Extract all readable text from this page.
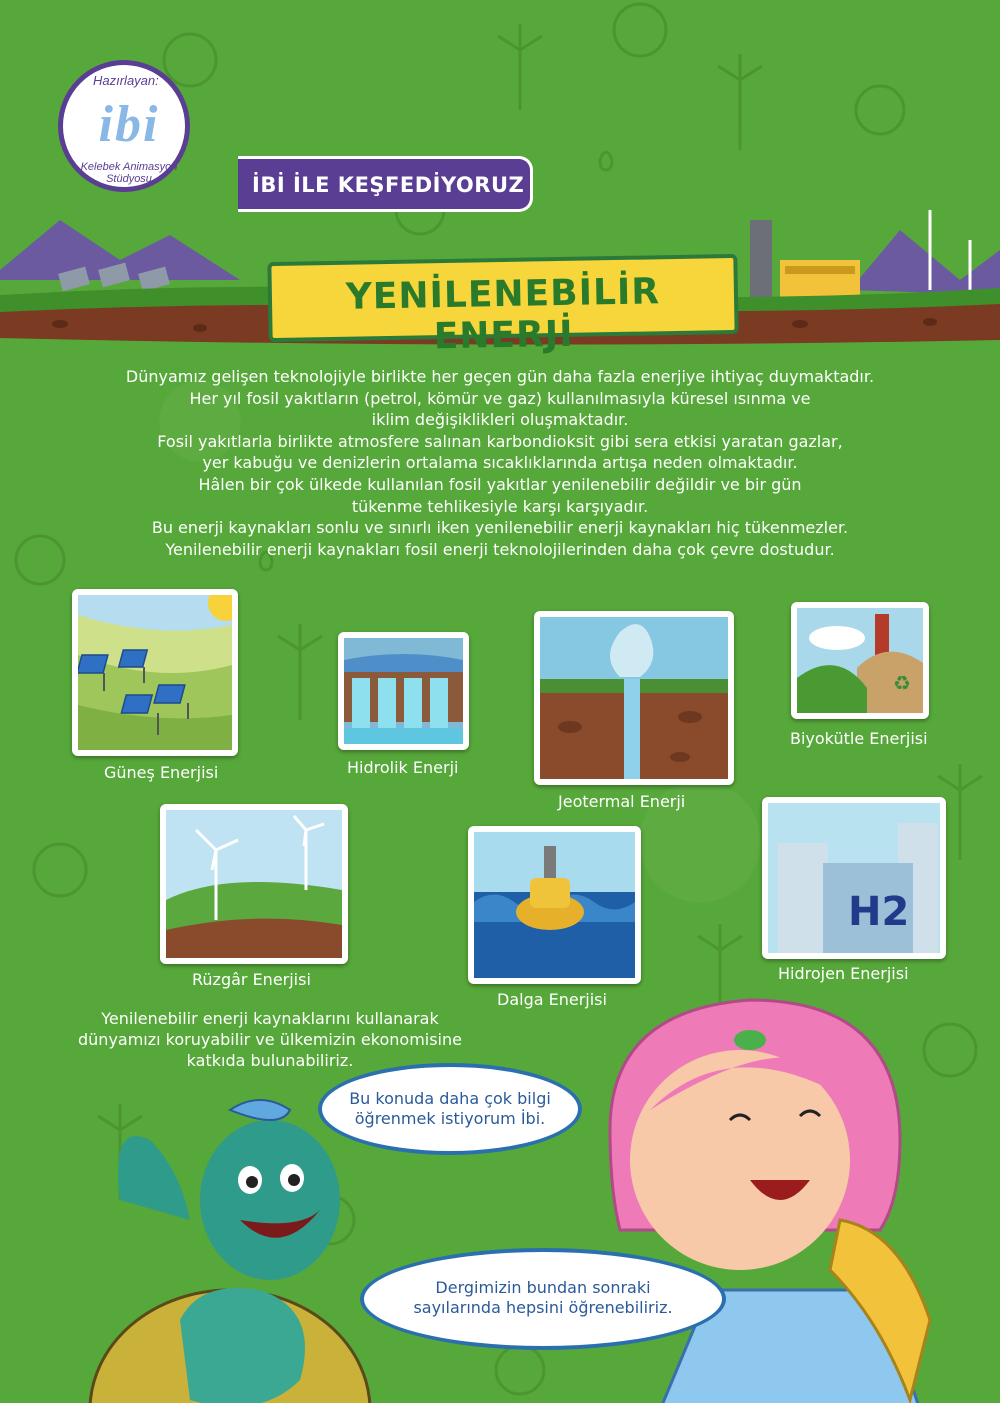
İBİ İLE KEŞFEDİYORUZ
Hazırlayan:
ibi
Kelebek Animasyon Stüdyosu
YENİLENEBİLİR ENERJİ

Dünyamız gelişen teknolojiyle birlikte her geçen gün daha fazla enerjiye ihtiyaç duymaktadır.

Her yıl fosil yakıtların (petrol, kömür ve gaz) kullanılmasıyla küresel ısınma ve

iklim değişiklikleri oluşmaktadır.

Fosil yakıtlarla birlikte atmosfere salınan karbondioksit gibi sera etkisi yaratan gazlar,

yer kabuğu ve denizlerin ortalama sıcaklıklarında artışa neden olmaktadır.

Hâlen bir çok ülkede kullanılan fosil yakıtlar yenilenebilir değildir ve bir gün

tükenme tehlikesiyle karşı karşıyadır.

Bu enerji kaynakları sonlu ve sınırlı iken yenilenebilir enerji kaynakları hiç tükenmezler.

Yenilenebilir enerji kaynakları fosil enerji teknolojilerinden daha çok çevre dostudur.

Güneş Enerjisi	Hidrolik Enerji
Jeotermal Enerji
♻
Biyokütle Enerjisi
Rüzgâr Enerjisi
Dalga Enerjisi
H2
Hidrojen Enerjisi

Yenilenebilir enerji kaynaklarını kullanarak

dünyamızı koruyabilir ve ülkemizin ekonomisine

katkıda bulunabiliriz.

Bu konuda daha çok bilgi

öğrenmek istiyorum İbi.

Dergimizin bundan sonraki

sayılarında hepsini öğrenebiliriz.
